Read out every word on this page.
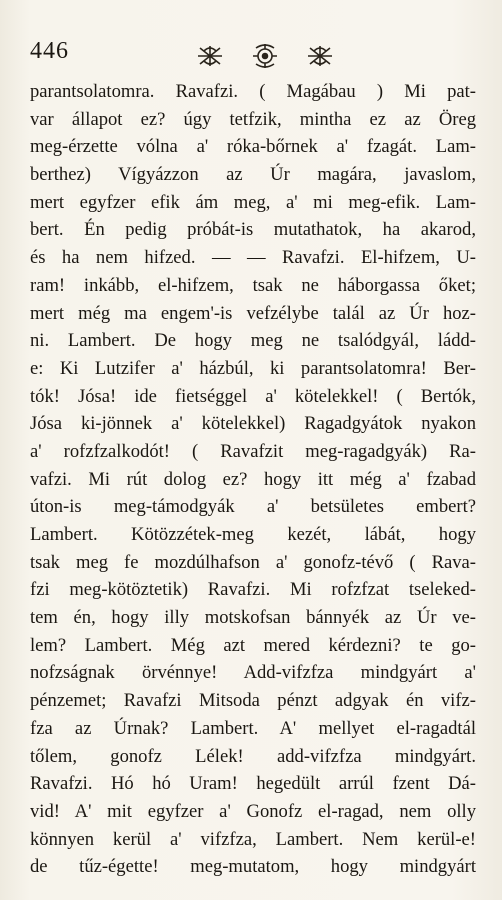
446
parantsolatomra. Ravafzi. ( Magábau ) Mi pat-
var állapot ez? úgy tetfzik, mintha ez az Öreg
meg-érzette vólna a' róka-bőrnek a' fzagát. Lam-
berthez) Vígyázzon az Úr magára, javaslom,
mert egyfzer efik ám meg, a' mi meg-efik. Lam-
bert. Én pedig próbát-is mutathatok, ha akarod,
és ha nem hifzed. — — Ravafzi. El-hifzem, U-
ram! inkább, el-hifzem, tsak ne háborgassa őket;
mert még ma engem'-is vefzélybe talál az Úr hoz-
ni. Lambert. De hogy meg ne tsalódgyál, ládd-
e: Ki Lutzifer a' házbúl, ki parantsolatomra! Ber-
tók! Jósa! ide fietséggel a' kötelekkel! ( Bertók,
Jósa ki-jönnek a' kötelekkel) Ragadgyátok nyakon
a' rofzfzalkodót! ( Ravafzit meg-ragadgyák) Ra-
vafzi. Mi rút dolog ez? hogy itt még a' fzabad
úton-is meg-támodgyák a' betsületes embert?
Lambert. Kötözzétek-meg kezét, lábát, hogy
tsak meg fe mozdúlhafson a' gonofz-tévő ( Rava-
fzi meg-kötöztetik) Ravafzi. Mi rofzfzat tseleked-
tem én, hogy illy motskofsan bánnyék az Úr ve-
lem? Lambert. Még azt mered kérdezni? te go-
nofzságnak örvénnye! Add-vifzfza mindgyárt a'
pénzemet; Ravafzi Mitsoda pénzt adgyak én vifz-
fza az Úrnak? Lambert. A' mellyet el-ragadtál
tőlem, gonofz Lélek! add-vifzfza mindgyárt.
Ravafzi. Hó hó Uram! hegedült arrúl fzent Dá-
vid! A' mit egyfzer a' Gonofz el-ragad, nem olly
könnyen kerül a' vifzfza, Lambert. Nem kerül-e!
de tűz-égette! meg-mutatom, hogy mindgyárt
